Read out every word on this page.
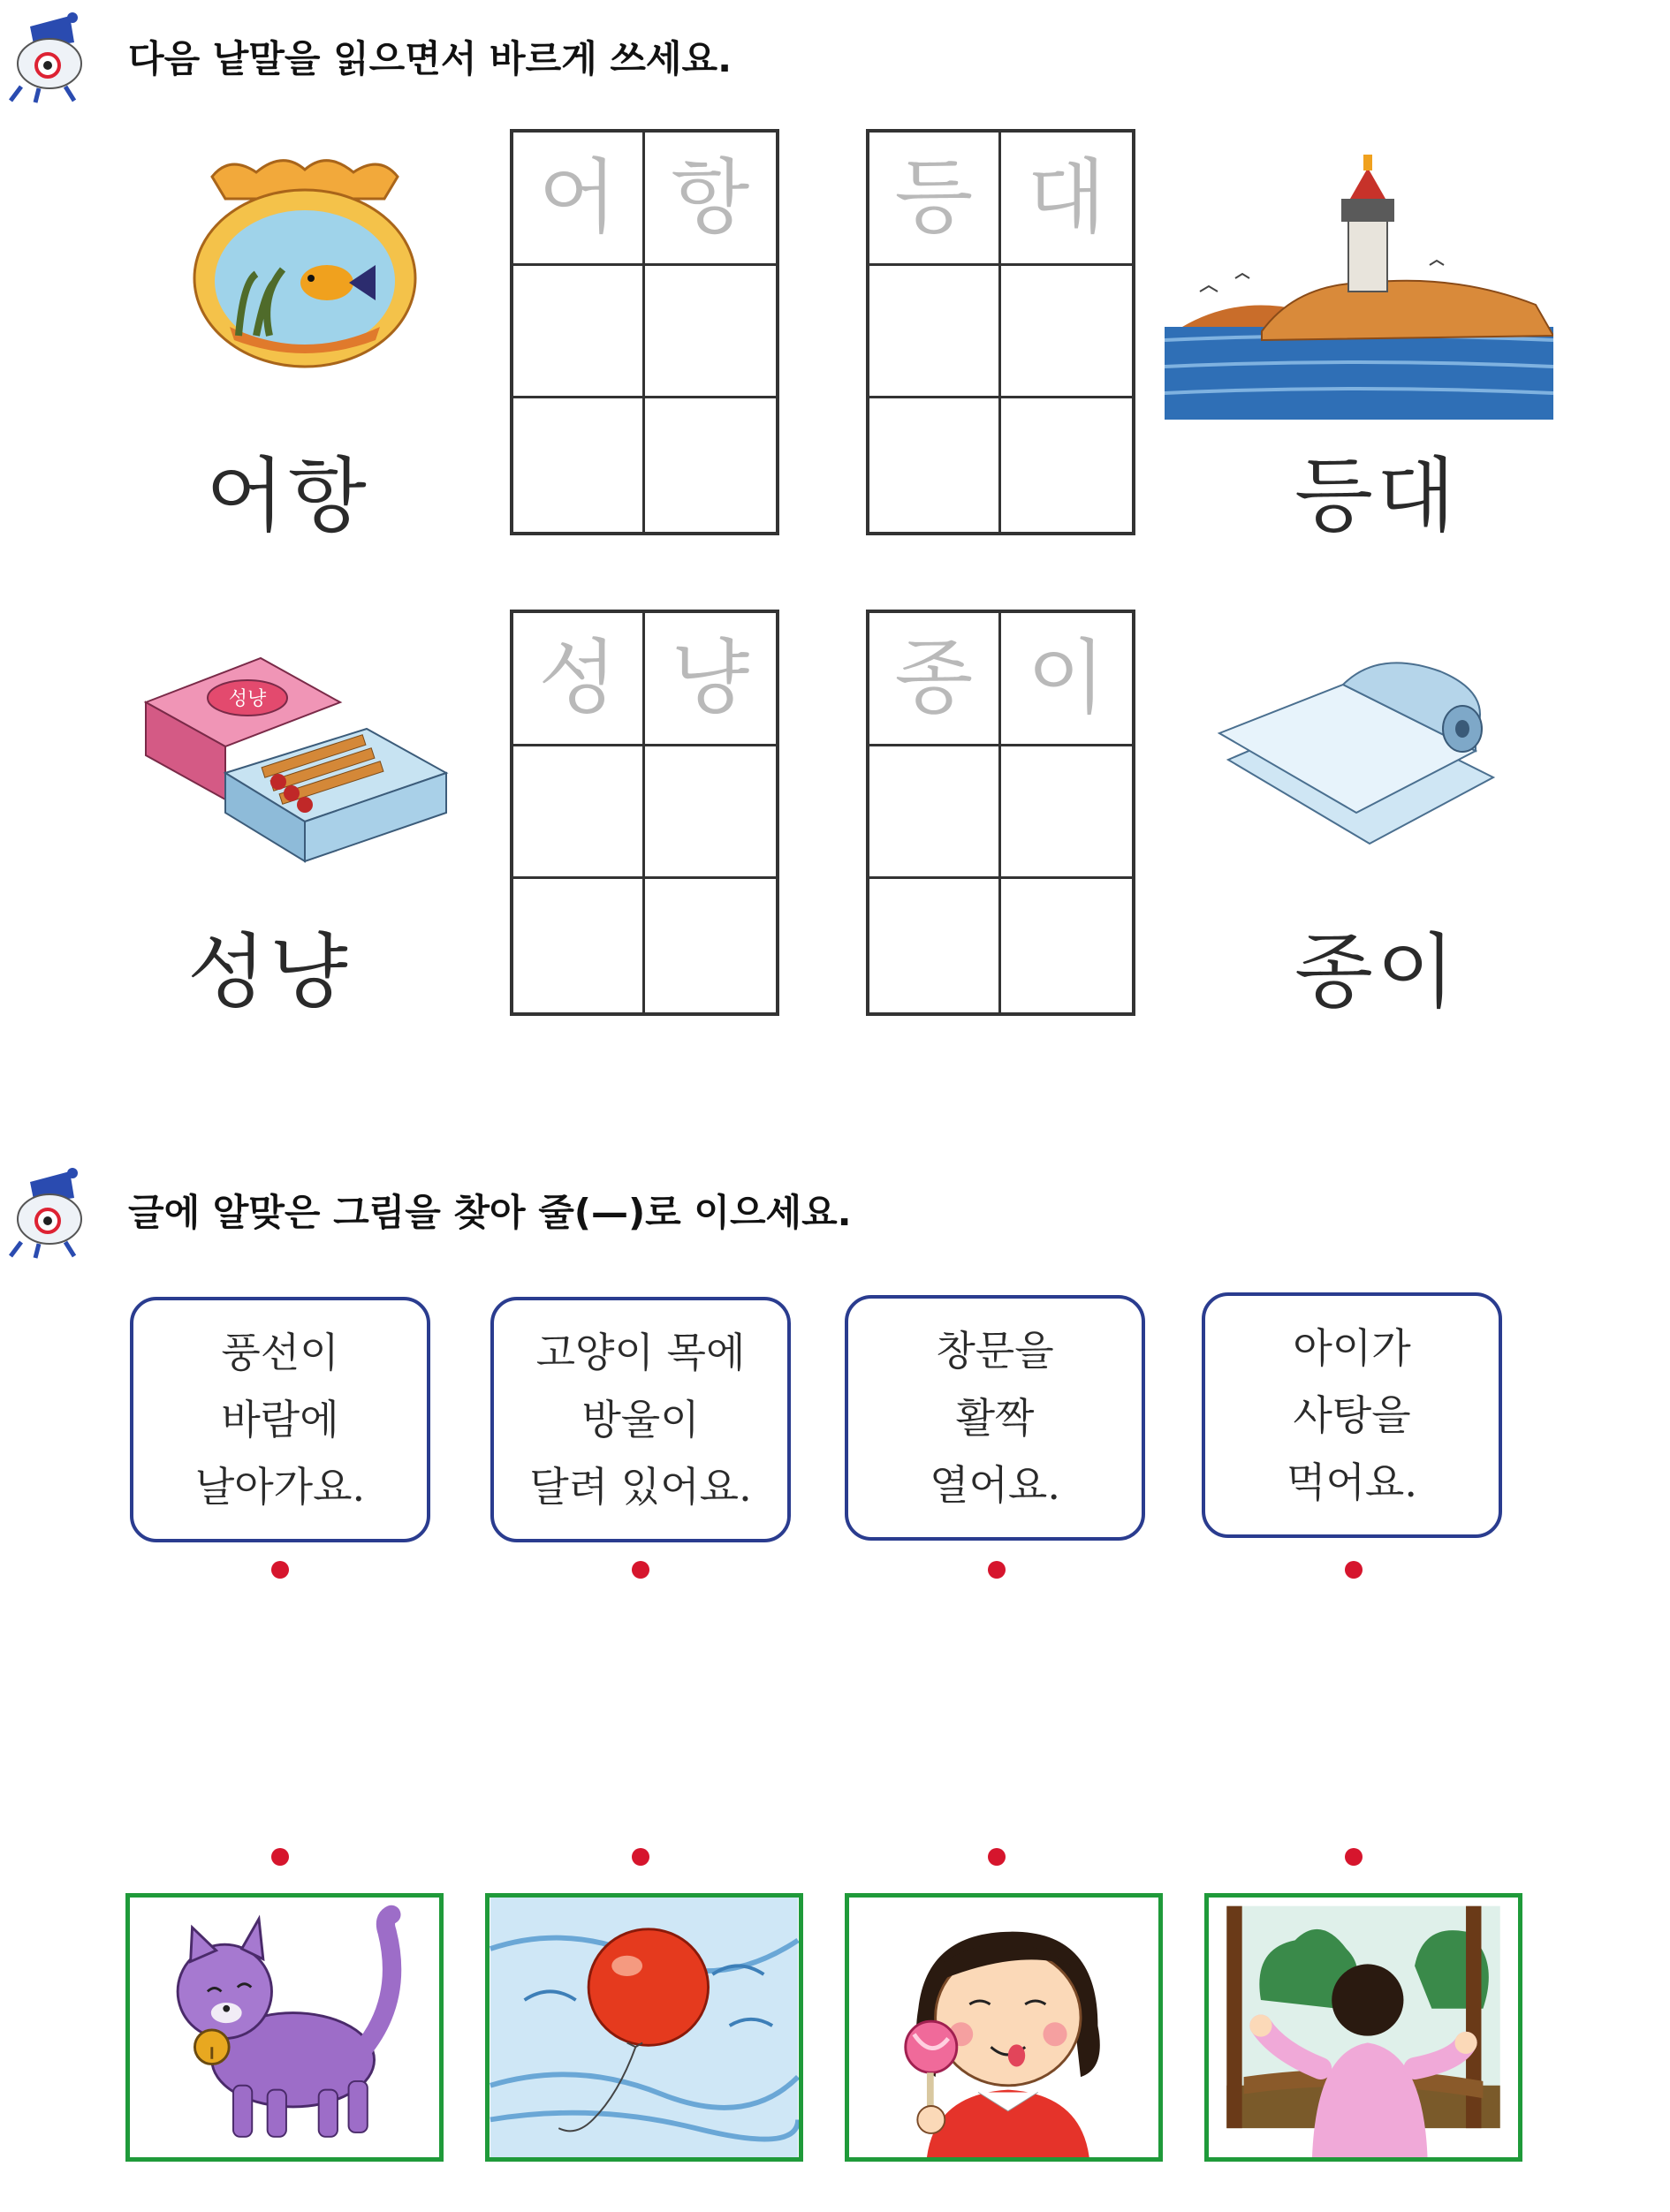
다음 낱말을 읽으면서 바르게 쓰세요.
어항
어 항 등 대
등대
성냥
성냥
성 냥 종 이
종이
글에 알맞은 그림을 찾아 줄(—)로 이으세요.
풍선이
바람에
날아가요.
고양이 목에
방울이
달려 있어요.
창문을
활짝
열어요.
아이가
사탕을
먹어요.
